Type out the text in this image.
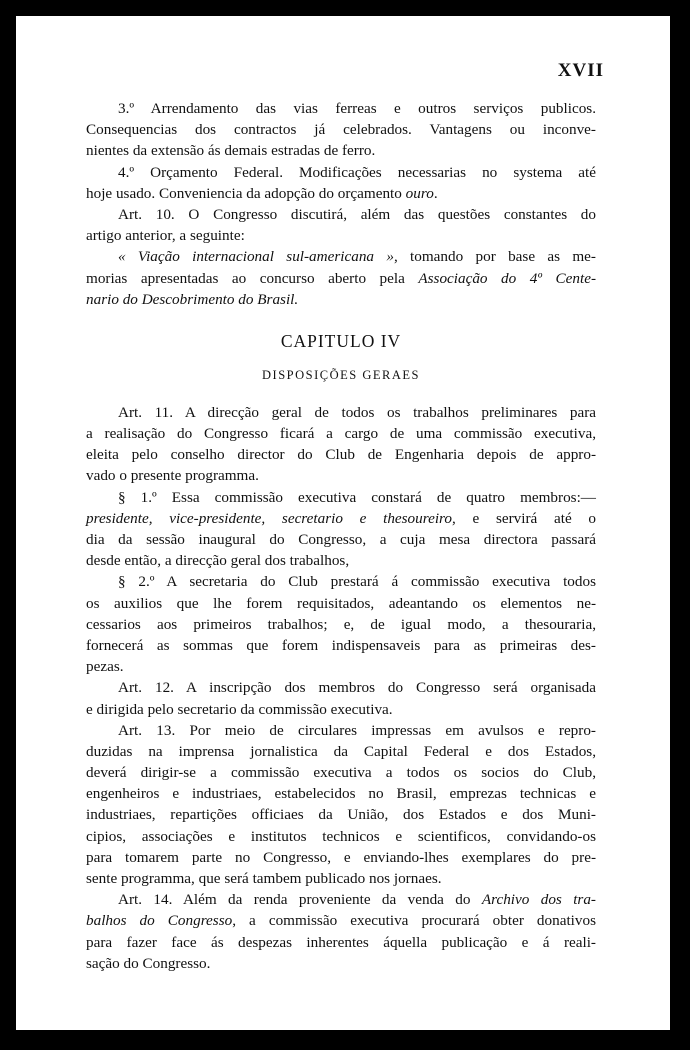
XVII
3.º Arrendamento das vias ferreas e outros serviços publicos.
Consequencias dos contractos já celebrados. Vantagens ou inconve-
nientes da extensão ás demais estradas de ferro.
4.º Orçamento Federal. Modificações necessarias no systema até
hoje usado. Conveniencia da adopção do orçamento ouro.
Art. 10. O Congresso discutirá, além das questões constantes do
artigo anterior, a seguinte:
« Viação internacional sul-americana », tomando por base as me-
morias apresentadas ao concurso aberto pela Associação do 4º Cente-
nario do Descobrimento do Brasil.
CAPITULO IV
DISPOSIÇÕES GERAES
Art. 11. A direcção geral de todos os trabalhos preliminares para
a realisação do Congresso ficará a cargo de uma commissão executiva,
eleita pelo conselho director do Club de Engenharia depois de appro-
vado o presente programma.
§ 1.º Essa commissão executiva constará de quatro membros:—
presidente, vice-presidente, secretario e thesoureiro, e servirá até o
dia da sessão inaugural do Congresso, a cuja mesa directora passará
desde então, a direcção geral dos trabalhos,
§ 2.º A secretaria do Club prestará á commissão executiva todos
os auxilios que lhe forem requisitados, adeantando os elementos ne-
cessarios aos primeiros trabalhos; e, de igual modo, a thesouraria,
fornecerá as sommas que forem indispensaveis para as primeiras des-
pezas.
Art. 12. A inscripção dos membros do Congresso será organisada
e dirigida pelo secretario da commissão executiva.
Art. 13. Por meio de circulares impressas em avulsos e repro-
duzidas na imprensa jornalistica da Capital Federal e dos Estados,
deverá dirigir-se a commissão executiva a todos os socios do Club,
engenheiros e industriaes, estabelecidos no Brasil, emprezas technicas e
industriaes, repartições officiaes da União, dos Estados e dos Muni-
cipios, associações e institutos technicos e scientificos, convidando-os
para tomarem parte no Congresso, e enviando-lhes exemplares do pre-
sente programma, que será tambem publicado nos jornaes.
Art. 14. Além da renda proveniente da venda do Archivo dos tra-
balhos do Congresso, a commissão executiva procurará obter donativos
para fazer face ás despezas inherentes áquella publicação e á reali-
sação do Congresso.
